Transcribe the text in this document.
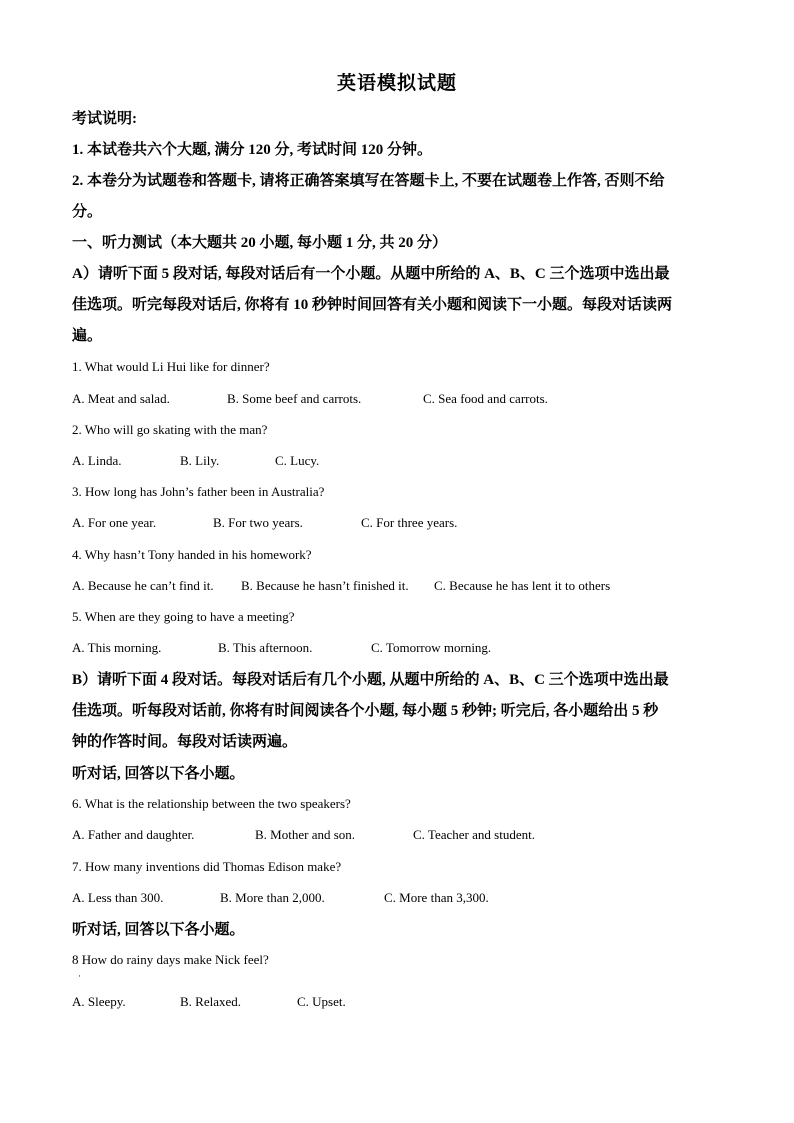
英语模拟试题
考试说明:
1. 本试卷共六个大题, 满分 120 分, 考试时间 120 分钟。
2. 本卷分为试题卷和答题卡, 请将正确答案填写在答题卡上, 不要在试题卷上作答, 否则不给
分。
一、听力测试（本大题共 20 小题, 每小题 1 分, 共 20 分）
A）请听下面 5 段对话, 每段对话后有一个小题。从题中所给的 A、B、C 三个选项中选出最
佳选项。听完每段对话后, 你将有 10 秒钟时间回答有关小题和阅读下一小题。每段对话读两
遍。
1. What would Li Hui like for dinner?
A. Meat and salad.	B. Some beef and carrots.	C. Sea food and carrots.
2. Who will go skating with the man?
A. Linda.	B. Lily.	C. Lucy.
3. How long has John’s father been in Australia?
A. For one year.	B. For two years.	C. For three years.
4. Why hasn’t Tony handed in his homework?
A. Because he can’t find it. B. Because he hasn’t finished it. C. Because he has lent it to others
5. When are they going to have a meeting?
A. This morning.	B. This afternoon.	C. Tomorrow morning.
B）请听下面 4 段对话。每段对话后有几个小题, 从题中所给的 A、B、C 三个选项中选出最
佳选项。听每段对话前, 你将有时间阅读各个小题, 每小题 5 秒钟; 听完后, 各小题给出 5 秒
钟的作答时间。每段对话读两遍。
听对话, 回答以下各小题。
6. What is the relationship between the two speakers?
A. Father and daughter.	B. Mother and son.	C. Teacher and student.
7. How many inventions did Thomas Edison make?
A. Less than 300.	B. More than 2,000.	C. More than 3,300.
听对话, 回答以下各小题。
8 How do rainy days make Nick feel?
·
A. Sleepy.	B. Relaxed.	C. Upset.
